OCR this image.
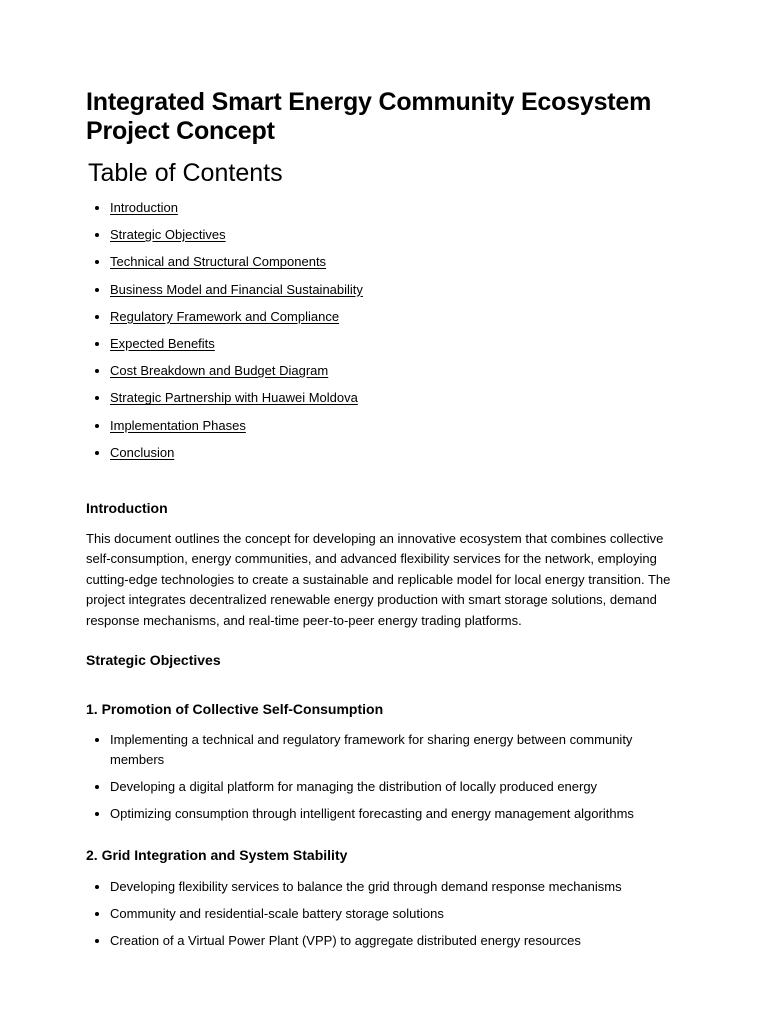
Integrated Smart Energy Community Ecosystem Project Concept
Table of Contents
Introduction
Strategic Objectives
Technical and Structural Components
Business Model and Financial Sustainability
Regulatory Framework and Compliance
Expected Benefits
Cost Breakdown and Budget Diagram
Strategic Partnership with Huawei Moldova
Implementation Phases
Conclusion
Introduction

This document outlines the concept for developing an innovative ecosystem that combines collective self-consumption, energy communities, and advanced flexibility services for the network, employing cutting-edge technologies to create a sustainable and replicable model for local energy transition. The project integrates decentralized renewable energy production with smart storage solutions, demand response mechanisms, and real-time peer-to-peer energy trading platforms.

Strategic Objectives
1. Promotion of Collective Self-Consumption
Implementing a technical and regulatory framework for sharing energy between community members
Developing a digital platform for managing the distribution of locally produced energy
Optimizing consumption through intelligent forecasting and energy management algorithms
2. Grid Integration and System Stability
Developing flexibility services to balance the grid through demand response mechanisms
Community and residential-scale battery storage solutions
Creation of a Virtual Power Plant (VPP) to aggregate distributed energy resources
